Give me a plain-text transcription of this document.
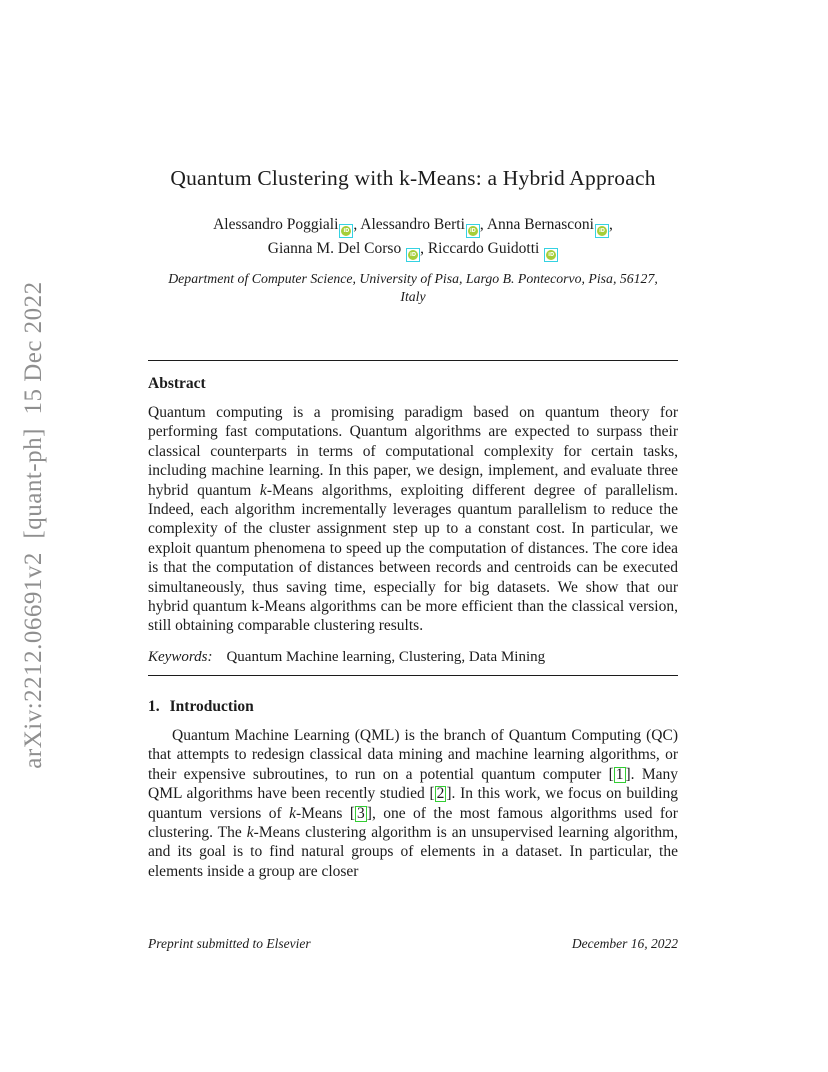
arXiv:2212.06691v2  [quant-ph]  15 Dec 2022
Quantum Clustering with k-Means: a Hybrid Approach
Alessandro Poggiali iD , Alessandro Berti iD , Anna Bernasconi iD ,
Gianna M. Del Corso iD , Riccardo Guidotti iD
Department of Computer Science, University of Pisa, Largo B. Pontecorvo, Pisa, 56127,
Italy
Abstract

Quantum computing is a promising paradigm based on quantum theory for performing fast computations. Quantum algorithms are expected to surpass their classical counterparts in terms of computational complexity for certain tasks, including machine learning. In this paper, we design, implement, and evaluate three hybrid quantum k-Means algorithms, exploiting different degree of parallelism. Indeed, each algorithm incrementally leverages quantum parallelism to reduce the complexity of the cluster assignment step up to a constant cost. In particular, we exploit quantum phenomena to speed up the computation of distances. The core idea is that the computation of distances between records and centroids can be executed simultaneously, thus saving time, especially for big datasets. We show that our hybrid quantum k-Means algorithms can be more efficient than the classical version, still obtaining comparable clustering results.

Keywords: Quantum Machine learning, Clustering, Data Mining

1. Introduction

Quantum Machine Learning (QML) is the branch of Quantum Computing (QC) that attempts to redesign classical data mining and machine learning algorithms, or their expensive subroutines, to run on a potential quantum computer [ 1 ]. Many QML algorithms have been recently studied [ 2 ]. In this work, we focus on building quantum versions of k-Means [ 3 ], one of the most famous algorithms used for clustering. The k-Means clustering algorithm is an unsupervised learning algorithm, and its goal is to find natural groups of elements in a dataset. In particular, the elements inside a group are closer

Preprint submitted to Elsevier	December 16, 2022
